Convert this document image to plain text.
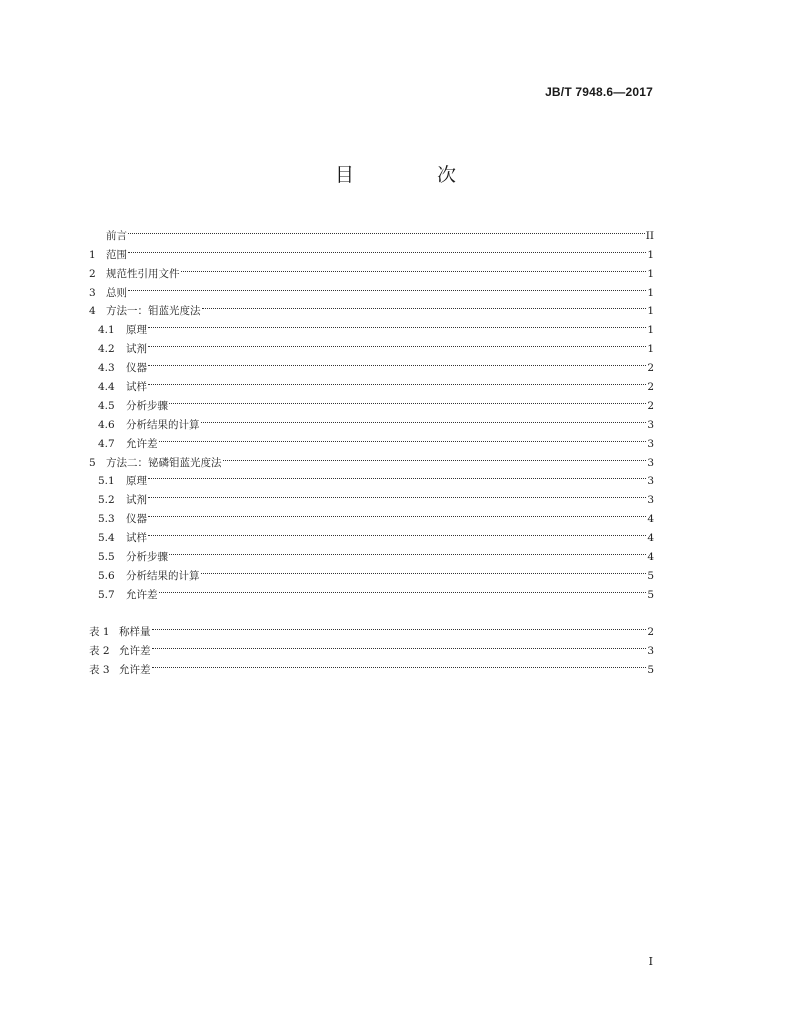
JB/T 7948.6—2017
目　次
前言	II
1 范围	1
2 规范性引用文件	1
3 总则	1
4 方法一：钼蓝光度法	1
4.1	原理	1
4.2	试剂	1
4.3	仪器	2
4.4	试样	2
4.5	分析步骤	2
4.6	分析结果的计算	3
4.7	允许差	3
5 方法二：铋磷钼蓝光度法	3
5.1	原理	3
5.2	试剂	3
5.3	仪器	4
5.4	试样	4
5.5	分析步骤	4
5.6	分析结果的计算	5
5.7	允许差	5
表 1 称样量	2
表 2 允许差	3
表 3 允许差	5
I
